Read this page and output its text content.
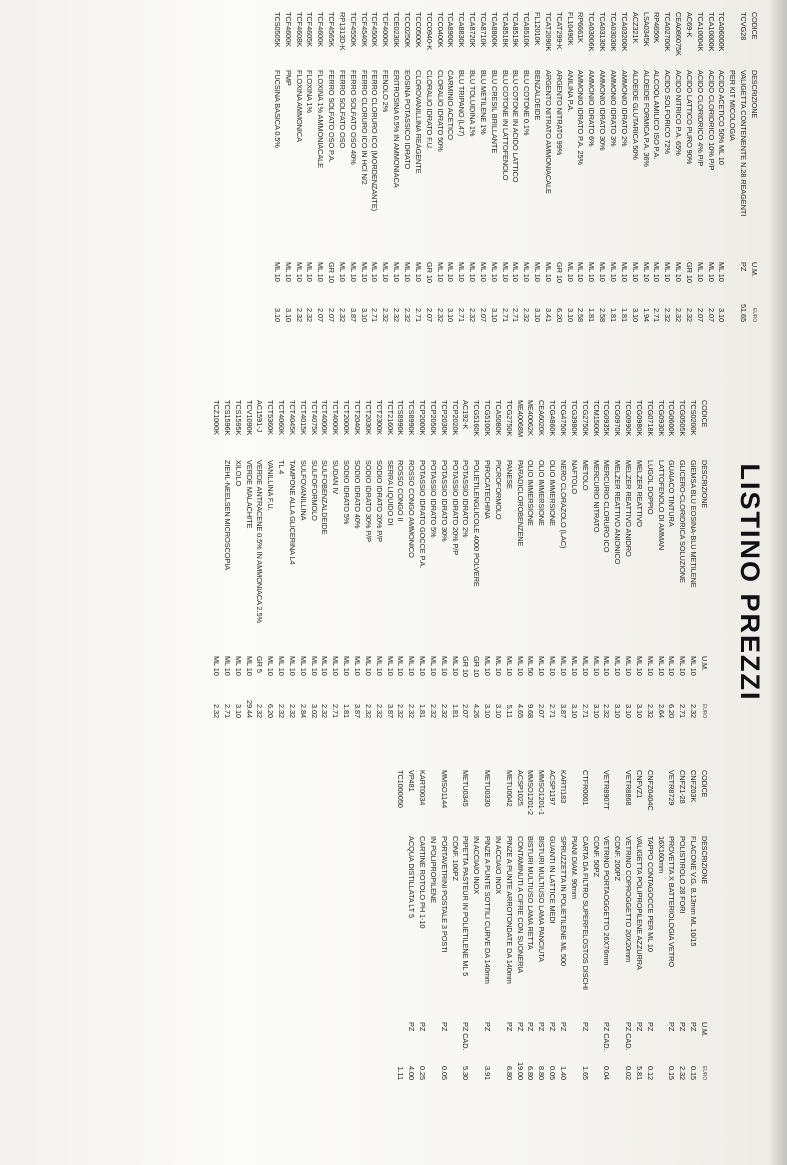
LISTINO PREZZI
CODICE
DESCRIZIONE
U.M.
EURO
TCVG28
VALIGETTA CONTENENTE N.28 REAGENTI
PZ
51.65
PER KIT MICOLOGIA
TCA06000K
ACIDO ACETICO 50% ML 10
ML 10
3.10
TCA10000K
ACIDO CLORIDRICO 10% P/P
ML 10
2.07
TCA10004K
ACIDO CLORIDRICO 4% P/P
ML 10
2.07
AC69-K
ACIDO LATTICO PURO 90%
GR 10
2.32
CEA086075K
ACIDO NITRICO P.A. 65%
ML 10
2.32
TCA02700K
ACIDO SOLFORICO 72%
ML 10
2.32
RP4650K
ALCOOL AMILICO ISO P.A.
ML 10
2.71
LSA0345K
ALDEIDE FORMICA P.A. 36%
ML 10
1.94
ACZ321K
ALDEIDE GLUTARICA 50%
ML 10
3.10
TCA03200K
AMMONIO IDRATO 2%
ML 10
1.81
TCA03030K
AMMONIO IDRATO 3%
ML 10
1.81
TCA03130K
AMMONIO IDRATO 30%
ML 10
2.58
TCA03006K
AMMONIO IDRATO 6%
ML 10
1.81
RP6661K
AMMONIO IDRATO P.A. 25%
ML 10
2.58
FL10490K
ANILINA P.A.
ML 10
3.10
TCAT299-K
ARGENTO NITRATO 99%
GR 10
6.20
TCAT2090K
ARGENTO NITRATO AMMONIACALE
ML 10
3.41
FL12010K
BENZALDEIDE
ML 10
3.10
TCA8510K
BLU COTONE 0.1%
ML 10
2.32
TCA8519K
BLU COTONE IN ACIDO LATTICO
ML 10
2.71
TCA8518K
BLU COTONE IN LATTOFENOLO
ML 10
2.71
TCA8800K
BLU CRESIL BRILLANTE
ML 10
3.10
TCA8710K
BLU METILENE 1%
ML 10
2.07
TCA8720K
BLU TOLUIDINA 1%
ML 10
2.32
TCA8830K
BLU TRIPANO (L47)
ML 10
2.71
TCA8900K
CARMINIO ACETICO
ML 10
3.10
TCC0400K
CLORALIO IDRATO 50%
ML 10
2.32
TCC0940-K
CLORALIO IDRATO F.U.
GR 10
2.07
TCC0500K
CLOROVANILLINA REAGENTE
ML 10
2.71
TCC0250K
EOSINA POTASSICO IDRATO
ML 10
2.32
TCE0230K
ERITROSINA 0.5% IN AMMONIACA
ML 10
2.32
TCF4000K
FENOLO 2%
ML 10
2.32
TCF4500K
FERRO CLORURO ICO (MORDENZANTE)
ML 10
2.71
TCF4540K
FERRO CLORURO ICO IN HCl N/2
ML 10
3.10
TCF4550K
FERRO SOLFATO OSO 40%
ML 10
3.87
RP1313D-K
FERRO SOLFATO OSO
ML 10
2.32
TCF4565K
FERRO SOLFATO OSO P.A.
GR 10
2.07
TCF4600K
FLOXINA 1% AMMONIACALE
ML 10
2.07
TCF4605K
FLOXINA 1%
ML 10
2.32
TCF4608K
FLOXINA AMMONICA
ML 10
2.32
TCF4600K
PMP
ML 10
3.10
TCS0505K
FUCSINA BASICA 0.5%
ML 10
3.10
CODICE
DESCRIZIONE
U.M.
EURO
TCS0200K
GIEMSA BLU EOSINA-BLU METILENE
ML 10
2.32
TCG0505K
GLICERO-CLORIDRICA SOLUZIONE
ML 10
2.71
TCG0600K
GUAIACO TINTURA
ML 10
6.20
TCG0930K
LATTOFENOLO DI AMMAN
ML 10
2.64
TCG0718K
LUGOL DOPPIO
ML 10
2.32
TCG0980K
MELZER REATTIVO
ML 10
3.10
TCG0990K
MELZER REATTIVO ANIDRO
ML 10
3.10
TCG0970K
MELZER REATTIVO ANIONICO
ML 10
3.10
TCG0935K
MERCURIO CLORURO ICO
ML 10
2.32
TCM1500K
MERCURIO NITRATO
ML 10
3.10
TCG2750K
METOLO
ML 10
2.71
TCG3980K
NAFTOLO
ML 10
3.10
TCG4750K
NERO CLORAZOLO (LAC)
ML 10
3.87
TCG4860K
OLIO IMMERSIONE
ML 10
2.71
CEA6020K
OLIO IMMERSIONE
ML 10
2.07
ME40062K
OLIO IMMERSIONE
ML 50
9.68
ME40068M
PARADICLOROBENZENE
ML 10
4.65
TCG2750K
PANESE
ML 10
5.11
TCA5080K
PICROFORMOLO
ML 10
3.10
TCG5100K
PIROCATECHINA
ML 10
3.10
TCG5160K
POLIETILENGLICOLE 4000 POLVERE
GR 10
4.26
AC192-K
POTASSIO IDRATO 2%
GR 10
2.07
TCP2020K
POTASSIO IDRATO 20% P/P
ML 10
1.81
TCP2030K
POTASSIO IDRATO 30%
ML 10
2.32
TCP2050K
POTASSIO IDRATO 5%
ML 10
2.32
TCP2000K
POTASSIO IDRATO GOCCE P.A.
ML 10
1.81
TCS8990K
ROSSO CONGO AMMONICO
ML 10
2.32
TCS8990K
ROSSO CONGO II
ML 10
2.32
TCT2160K
SERRA LIQUIDO DI
ML 10
3.87
TCT2300K
SODIO IDRATO 20% P/P
ML 10
2.32
TCT2030K
SODIO IDRATO 30% P/P
ML 10
2.32
TCT2040K
SODIO IDRATO 40%
ML 10
3.87
TCT2000K
SODIO IDRATO 5%
ML 10
1.81
TCT4000K
SUDAN IV
ML 10
2.71
TCT4000K
SULFOBENZALDEIDE
ML 10
2.32
TCT4075K
SULFOFORMOLO
ML 10
3.02
TCT4015K
SULFOVANILLINA
ML 10
2.84
TCT4045K
TAMPONE ALLA GLICERINA L4
ML 10
2.32
TCT4060K
TL 4
ML 10
2.32
TCT5360K
VANILLINA F.U.
ML 10
6.20
AC1591-J
VERDE ANTRACENE 0.5% IN AMMONIACA 2.5%
GR 5
2.32
TCV1090K
VERDE MALACHITE
ML 10
29.44
TCS1595K
XILOLO
ML 10
3.10
TCS1596K
ZIEHL-NEELSEN MICROSCOPIA
ML 10
2.71
TCZ1000K
ML 10
2.32
CODICE
DESCRIZIONE
U.M.
EURO
CNFZ03K
FLACONE V.G. B.13mm ML 10/15
PZ
0.15
CNFZ1-28
POLISTIROLO 28 FORI
PZ
2.32
VETR8729
PROVETTA X BATTERIOLOGIA VETRO
PZ
0.15
16X160mm
CNFZ0404C
TAPPO CONTAGOCCE PER ML 10
PZ
0.12
CNFVZ1
VALIGETTA POLIPROPILENE AZZURRA
PZ
5.81
VETR8868
VETRINO COPROGGETTO 20X20mm
PZ CAD.
0.02
CONF. 200PZ
VETR8907T
VETRINO PORTAOGGETTO 26X76mm
PZ CAD.
0.04
CONF. 50PZ
CTFR0001
CARTA DA FILTRO SUPERFELOSTOS DISCHI
PZ
1.65
PIANI DIAM. 90mm
KARTI183
SPRUZZETTA IN POLIETILENE ML 500
PZ
1.40
ACSP1197
GUANTI IN LATTICE MEDI
PZ
0.05
MMSO1201-1
BISTURI MULTIUSO LAMA PANCIUTA
PZ
8.80
MMSO1201-2
BISTURI MULTIUSO LAMA RETTA
PZ
6.80
ACSP1025
CONTAMINUTI A CIFRE CON SUONERIA
PZ
19.00
METU0042
PINZE A PUNTE ARROTONDATE DA 140mm
PZ
6.80
IN ACCIAIO INOX
METU0330
PINZE A PUNTE SOTTILI CURVE DA 140mm
PZ
3.91
IN ACCIAIO INOX
METU0345
PIPETTA PASTEUR IN POLIETILENE ML 5
PZ CAD.
5.30
CONF. 100PZ
MMSO1144
PORTAVETRINI POSTALE 3 POSTI
PZ
0.05
IN POLIPROPILENE
KART0034
CARTINE ROTOLO PH 1-10
PZ
0.25
VP481
ACQUA DISTILLATA LT 5
PZ
4.00
TC1000050
1.11
